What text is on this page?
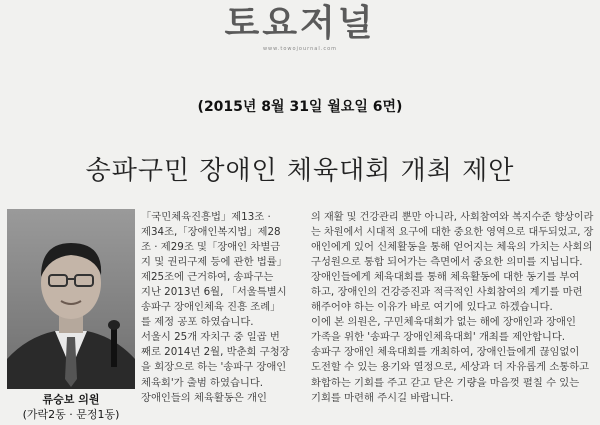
토요저널
www.towojournal.com
(2015년 8월 31일 월요일 6면)
송파구민 장애인 체육대회 개최 제안
류승보 의원
(가락2동 · 문정1동)
「국민체육진흥법」제13조 ·
제34조,「장애인복지법」제28
조 · 제29조 및「장애인 차별금
지 및 권리구제 등에 관한 법률」
제25조에 근거하여, 송파구는
지난 2013년 6월, 「서울특별시
송파구 장애인체육 진흥 조례」
를 제정 공포 하였습니다.
서울시 25개 자치구 중 일곱 번
째로 2014년 2월, 박춘희 구청장
을 회장으로 하는 '송파구 장애인
체육회'가 출범 하였습니다.
장애인들의 체육활동은 개인
의 재활 및 건강관리 뿐만 아니라, 사회참여와 복지수준 향상이라
는 차원에서 시대적 요구에 대한 중요한 영역으로 대두되었고, 장
애인에게 있어 신체활동을 통해 얻어지는 체육의 가치는 사회의
구성원으로 통합 되어가는 측면에서 중요한 의미를 지닙니다.
장애인들에게 체육대회를 통해 체육활동에 대한 동기를 부여
하고, 장애인의 건강증진과 적극적인 사회참여의 계기를 마련
해주어야 하는 이유가 바로 여기에 있다고 하겠습니다.
이에 본 의원은, 구민체육대회가 없는 해에 장애인과 장애인
가족을 위한 '송파구 장애인체육대회' 개최를 제안합니다.
송파구 장애인 체육대회를 개최하여, 장애인들에게 끊임없이
도전할 수 있는 용기와 열정으로, 세상과 더 자유롭게 소통하고
화합하는 기회를 주고 갇고 닫은 기량을 마음껏 펼칠 수 있는
기회를 마련해 주시길 바랍니다.
